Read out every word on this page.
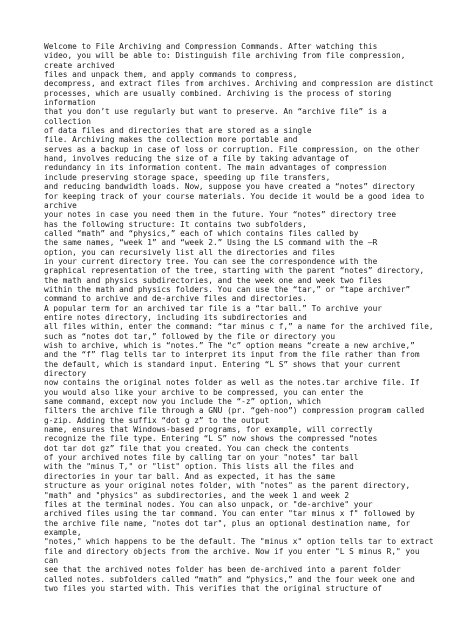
Welcome to File Archiving and Compression Commands. After watching this
video, you will be able to: Distinguish file archiving from file compression,
create archived
files and unpack them, and apply commands to compress,
decompress, and extract files from archives. Archiving and compression are distinct
processes, which are usually combined. Archiving is the process of storing
information
that you don’t use regularly but want to preserve. An “archive file” is a
collection
of data files and directories that are stored as a single
file. Archiving makes the collection more portable and
serves as a backup in case of loss or corruption. File compression, on the other
hand, involves reducing the size of a file by taking advantage of
redundancy in its information content. The main advantages of compression
include preserving storage space, speeding up file transfers,
and reducing bandwidth loads. Now, suppose you have created a “notes” directory
for keeping track of your course materials. You decide it would be a good idea to
archive
your notes in case you need them in the future. Your “notes” directory tree
has the following structure: It contains two subfolders,
called “math” and “physics,” each of which contains files called by
the same names, “week 1” and “week 2.” Using the LS command with the –R
option, you can recursively list all the directories and files
in your current directory tree. You can see the correspondence with the
graphical representation of the tree, starting with the parent “notes” directory,
the math and physics subdirectories, and the week one and week two files
within the math and physics folders. You can use the “tar,” or “tape archiver”
command to archive and de-archive files and directories.
A popular term for an archived tar file is a “tar ball.” To archive your
entire notes directory, including its subdirectories and
all files within, enter the command: “tar minus c f,” a name for the archived file,
such as “notes dot tar,” followed by the file or directory you
wish to archive, which is “notes.” The “c” option means “create a new archive,”
and the “f” flag tells tar to interpret its input from the file rather than from
the default, which is standard input. Entering “L S” shows that your current
directory
now contains the original notes folder as well as the notes.tar archive file. If
you would also like your archive to be compressed, you can enter the
same command, except now you include the “-z” option, which
filters the archive file through a GNU (pr. “geh-noo”) compression program called
g-zip. Adding the suffix “dot g z” to the output
name, ensures that Windows-based programs, for example, will correctly
recognize the file type. Entering “L S” now shows the compressed “notes
dot tar dot gz” file that you created. You can check the contents
of your archived notes file by calling tar on your "notes" tar ball
with the "minus T," or "list" option. This lists all the files and
directories in your tar ball. And as expected, it has the same
structure as your original notes folder, with "notes" as the parent directory,
"math" and "physics" as subdirectories, and the week 1 and week 2
files at the terminal nodes. You can also unpack, or "de-archive" your
archived files using the tar command. You can enter "tar minus x f" followed by
the archive file name, "notes dot tar", plus an optional destination name, for
example,
"notes," which happens to be the default. The "minus x" option tells tar to extract
file and directory objects from the archive. Now if you enter "L S minus R," you
can
see that the archived notes folder has been de-archived into a parent folder
called notes. subfolders called “math” and “physics,” and the four week one and
two files you started with. This verifies that the original structure of
